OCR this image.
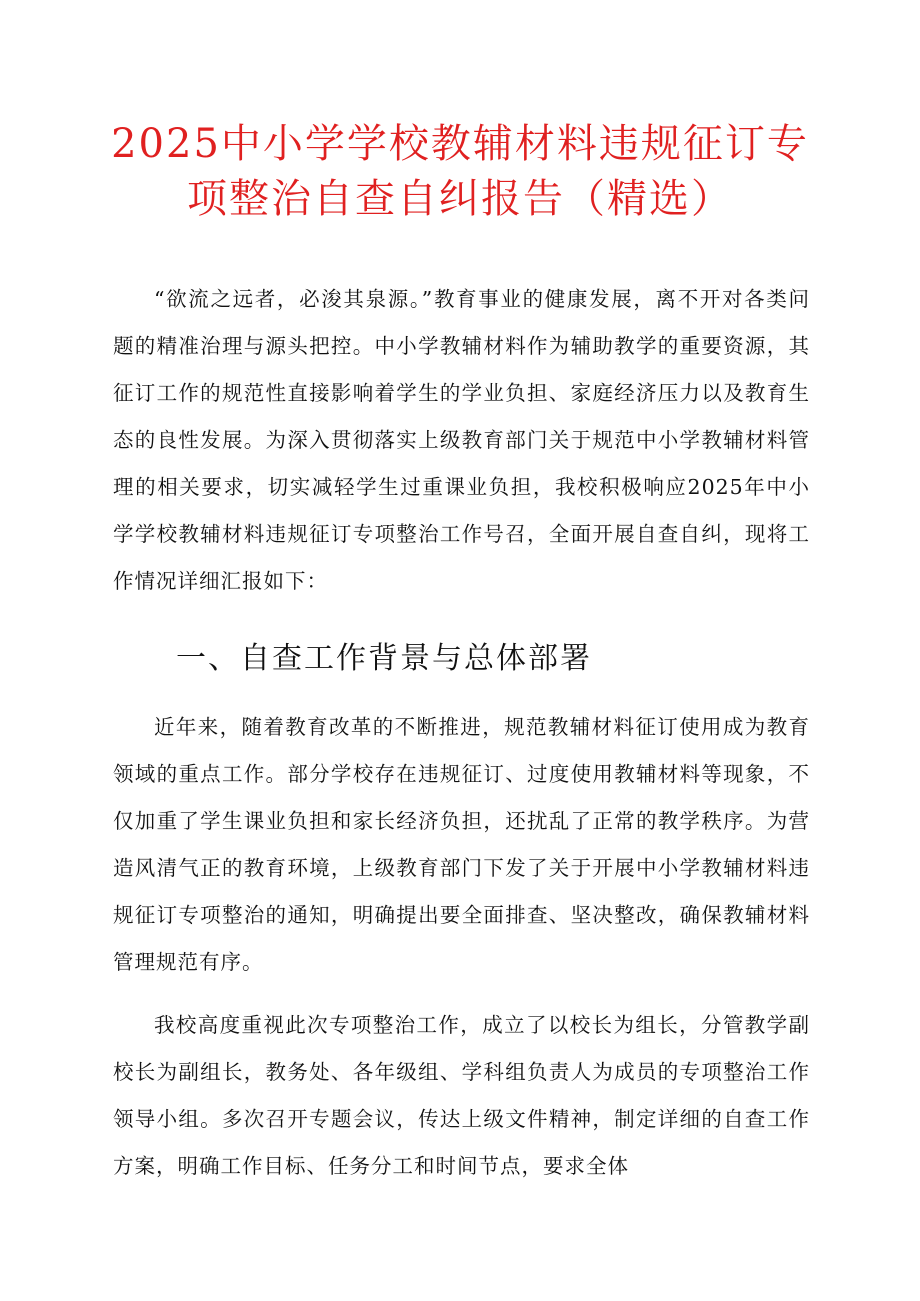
2025中小学学校教辅材料违规征订专
项整治自查自纠报告（精选）

“欲流之远者，必浚其泉源。”教育事业的健康发展，离不开对各类问题的精准治理与源头把控。中小学教辅材料作为辅助教学的重要资源，其征订工作的规范性直接影响着学生的学业负担、家庭经济压力以及教育生态的良性发展。为深入贯彻落实上级教育部门关于规范中小学教辅材料管理的相关要求，切实减轻学生过重课业负担，我校积极响应2025年中小学学校教辅材料违规征订专项整治工作号召，全面开展自查自纠，现将工作情况详细汇报如下：

一、自查工作背景与总体部署

近年来，随着教育改革的不断推进，规范教辅材料征订使用成为教育领域的重点工作。部分学校存在违规征订、过度使用教辅材料等现象，不仅加重了学生课业负担和家长经济负担，还扰乱了正常的教学秩序。为营造风清气正的教育环境，上级教育部门下发了关于开展中小学教辅材料违规征订专项整治的通知，明确提出要全面排查、坚决整改，确保教辅材料管理规范有序。

我校高度重视此次专项整治工作，成立了以校长为组长，分管教学副校长为副组长，教务处、各年级组、学科组负责人为成员的专项整治工作领导小组。多次召开专题会议，传达上级文件精神，制定详细的自查工作方案，明确工作目标、任务分工和时间节点，要求全体
